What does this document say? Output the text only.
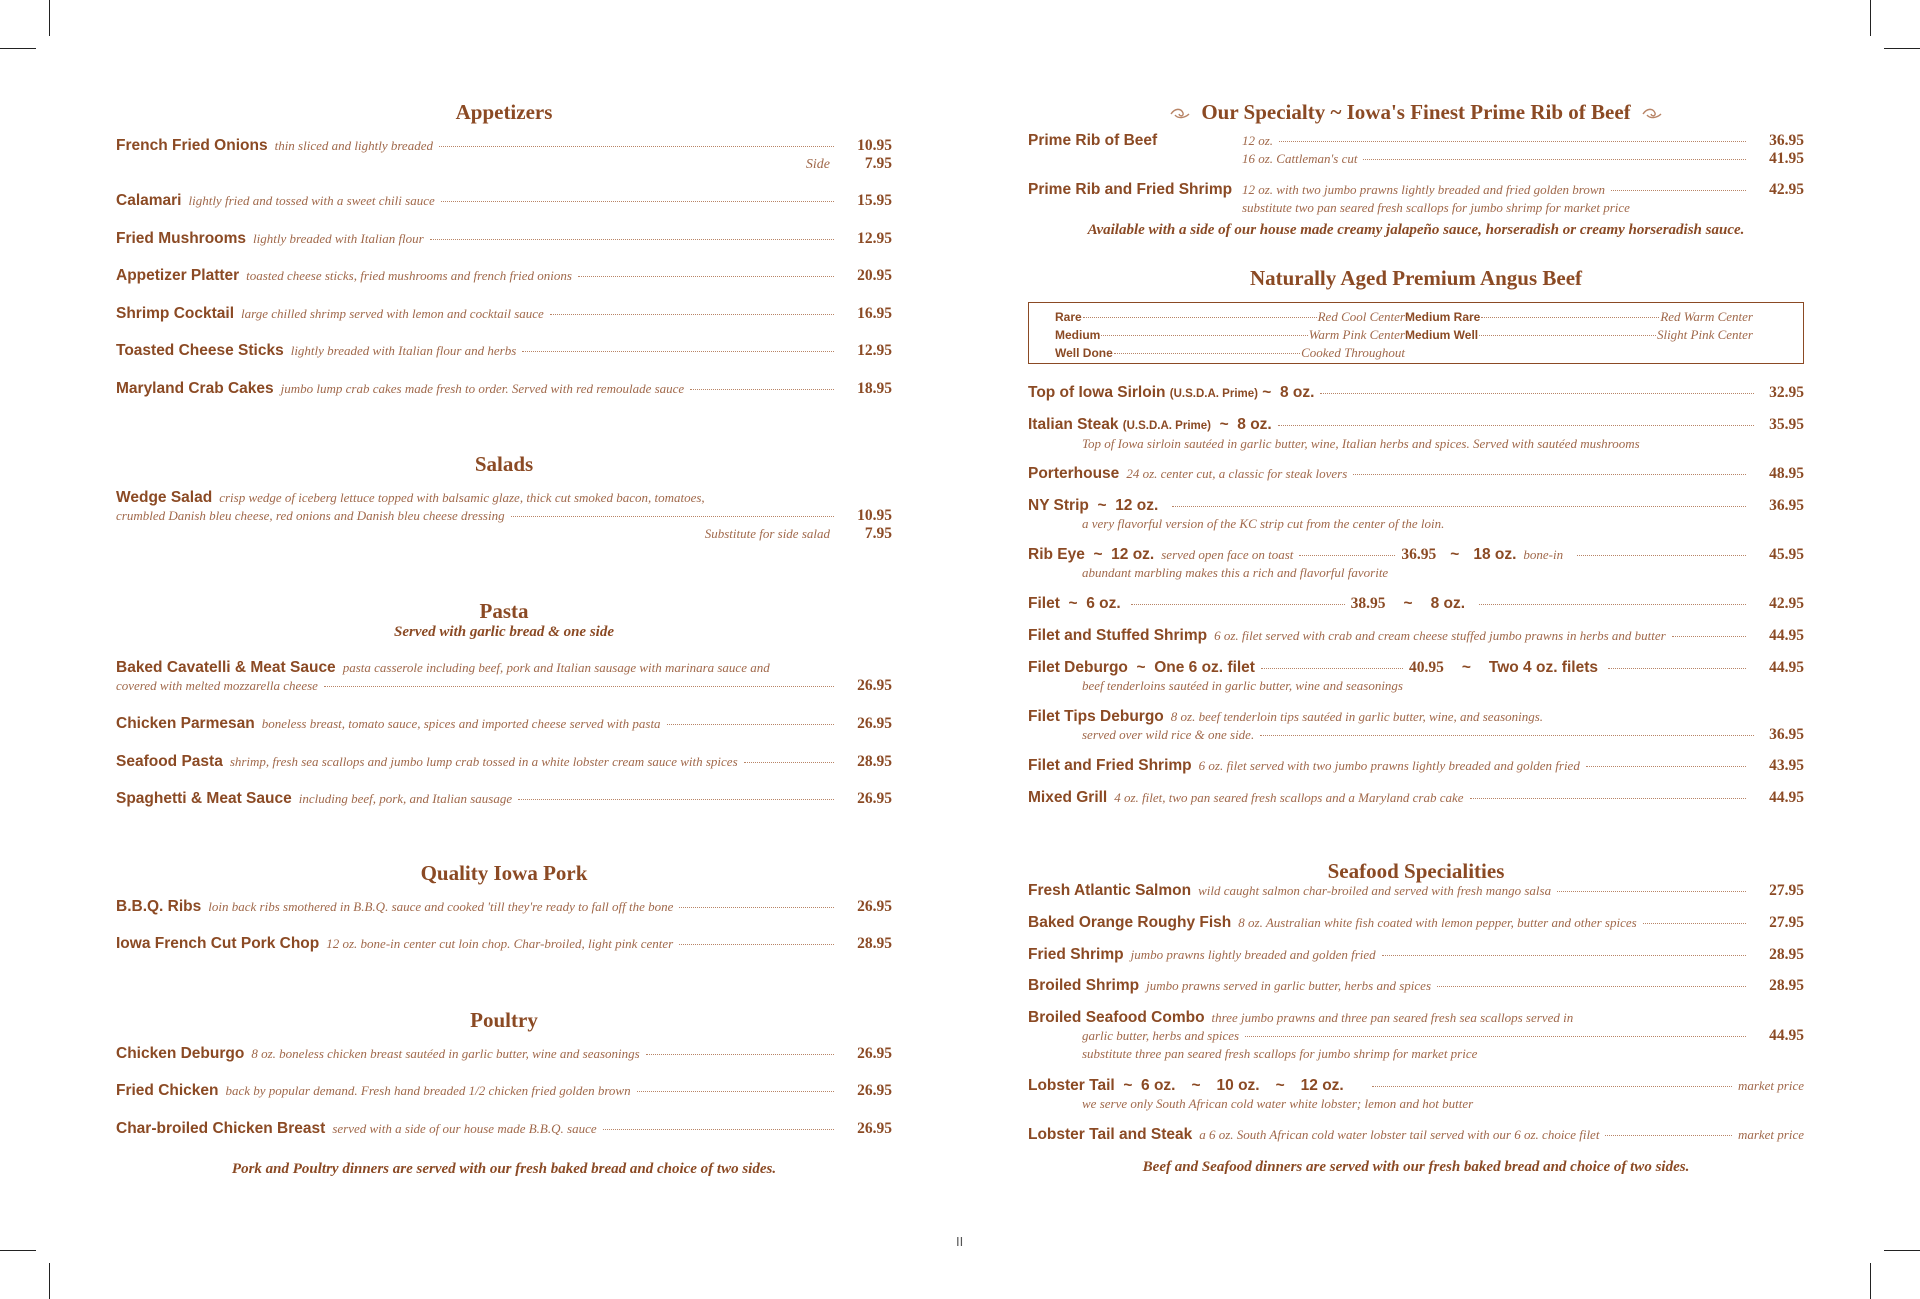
Appetizers
French Fried Onions thin sliced and lightly breaded	10.95
Side	7.95
Calamari lightly fried and tossed with a sweet chili sauce	15.95
Fried Mushrooms lightly breaded with Italian flour	12.95
Appetizer Platter toasted cheese sticks, fried mushrooms and french fried onions	20.95
Shrimp Cocktail large chilled shrimp served with lemon and cocktail sauce	16.95
Toasted Cheese Sticks lightly breaded with Italian flour and herbs	12.95
Maryland Crab Cakes jumbo lump crab cakes made fresh to order. Served with red remoulade sauce	18.95
Salads
Wedge Salad crisp wedge of iceberg lettuce topped with balsamic glaze, thick cut smoked bacon, tomatoes,
crumbled Danish bleu cheese, red onions and Danish bleu cheese dressing	10.95
Substitute for side salad	7.95
Pasta
Served with garlic bread & one side
Baked Cavatelli & Meat Sauce pasta casserole including beef, pork and Italian sausage with marinara sauce and
covered with melted mozzarella cheese	26.95
Chicken Parmesan boneless breast, tomato sauce, spices and imported cheese served with pasta	26.95
Seafood Pasta shrimp, fresh sea scallops and jumbo lump crab tossed in a white lobster cream sauce with spices	28.95
Spaghetti & Meat Sauce including beef, pork, and Italian sausage	26.95
Quality Iowa Pork
B.B.Q. Ribs loin back ribs smothered in B.B.Q. sauce and cooked 'till they're ready to fall off the bone	26.95
Iowa French Cut Pork Chop 12 oz. bone-in center cut loin chop. Char-broiled, light pink center	28.95
Poultry
Chicken Deburgo 8 oz. boneless chicken breast sautéed in garlic butter, wine and seasonings	26.95
Fried Chicken back by popular demand. Fresh hand breaded 1/2 chicken fried golden brown	26.95
Char-broiled Chicken Breast served with a side of our house made B.B.Q. sauce	26.95
Pork and Poultry dinners are served with our fresh baked bread and choice of two sides.
Our Specialty ~ Iowa's Finest Prime Rib of Beef
Prime Rib of Beef	12 oz.	36.95
16 oz. Cattleman's cut	41.95
Prime Rib and Fried Shrimp 12 oz. with two jumbo prawns lightly breaded and fried golden brown	42.95
substitute two pan seared fresh scallops for jumbo shrimp for market price
Available with a side of our house made creamy jalapeño sauce, horseradish or creamy horseradish sauce.
Naturally Aged Premium Angus Beef
Rare	Red Cool Center Medium Rare	Red Warm Center
Medium	Warm Pink Center Medium Well	Slight Pink Center
Well Done	Cooked Throughout
Top of Iowa Sirloin (U.S.D.A. Prime) ~ 8 oz.	32.95
Italian Steak (U.S.D.A. Prime) ~ 8 oz.	35.95
Top of Iowa sirloin sautéed in garlic butter, wine, Italian herbs and spices. Served with sautéed mushrooms
Porterhouse 24 oz. center cut, a classic for steak lovers	48.95
NY Strip ~ 12 oz.	36.95
a very flavorful version of the KC strip cut from the center of the loin.
Rib Eye ~ 12 oz. served open face on toast	36.95 ~ 18 oz. bone-in	45.95
abundant marbling makes this a rich and flavorful favorite
Filet ~ 6 oz.	38.95 ~ 8 oz.	42.95
Filet and Stuffed Shrimp 6 oz. filet served with crab and cream cheese stuffed jumbo prawns in herbs and butter	44.95
Filet Deburgo ~ One 6 oz. filet	40.95 ~ Two 4 oz. filets	44.95
beef tenderloins sautéed in garlic butter, wine and seasonings
Filet Tips Deburgo 8 oz. beef tenderloin tips sautéed in garlic butter, wine, and seasonings.
served over wild rice & one side.	36.95
Filet and Fried Shrimp 6 oz. filet served with two jumbo prawns lightly breaded and golden fried	43.95
Mixed Grill 4 oz. filet, two pan seared fresh scallops and a Maryland crab cake	44.95
Seafood Specialities
Fresh Atlantic Salmon wild caught salmon char-broiled and served with fresh mango salsa	27.95
Baked Orange Roughy Fish 8 oz. Australian white fish coated with lemon pepper, butter and other spices	27.95
Fried Shrimp jumbo prawns lightly breaded and golden fried	28.95
Broiled Shrimp jumbo prawns served in garlic butter, herbs and spices	28.95
Broiled Seafood Combo three jumbo prawns and three pan seared fresh sea scallops served in
garlic butter, herbs and spices	44.95
substitute three pan seared fresh scallops for jumbo shrimp for market price
Lobster Tail ~ 6 oz. ~ 10 oz. ~ 12 oz.	market price
we serve only South African cold water white lobster; lemon and hot butter
Lobster Tail and Steak a 6 oz. South African cold water lobster tail served with our 6 oz. choice filet	market price
Beef and Seafood dinners are served with our fresh baked bread and choice of two sides.
II
